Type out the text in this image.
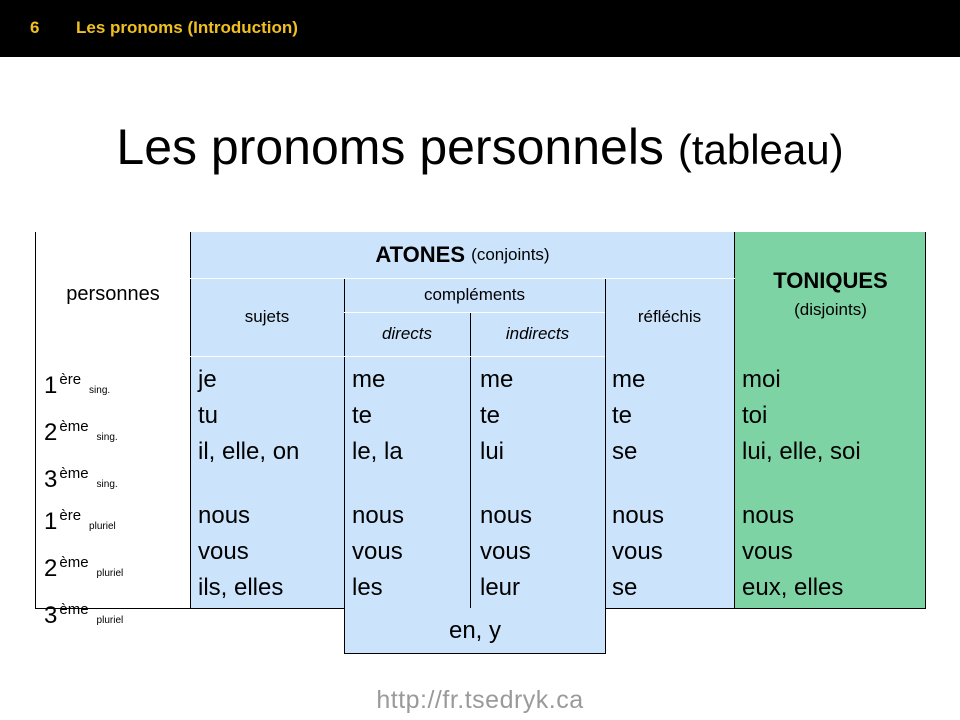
6 Les pronoms (Introduction)
Les pronoms personnels (tableau)
personnes
ATONES
(conjoints)
TONIQUES
(disjoints)
sujets
compléments
directs	indirects
réfléchis
1 $^{ère}$sing.
2 $^{ème}$sing.
3 $^{ème}$sing.
1 $^{ère}$pluriel
2 $^{ème}$pluriel
3 $^{ème}$pluriel
je
tu
il, elle, on
nous
vous
ils, elles
me
te
le, la
nous
vous
les
me
te
lui
nous
vous
leur
me
te
se
nous
vous
se
moi
toi
lui, elle, soi
nous
vous
eux, elles
en, y
http://fr.tsedryk.ca
